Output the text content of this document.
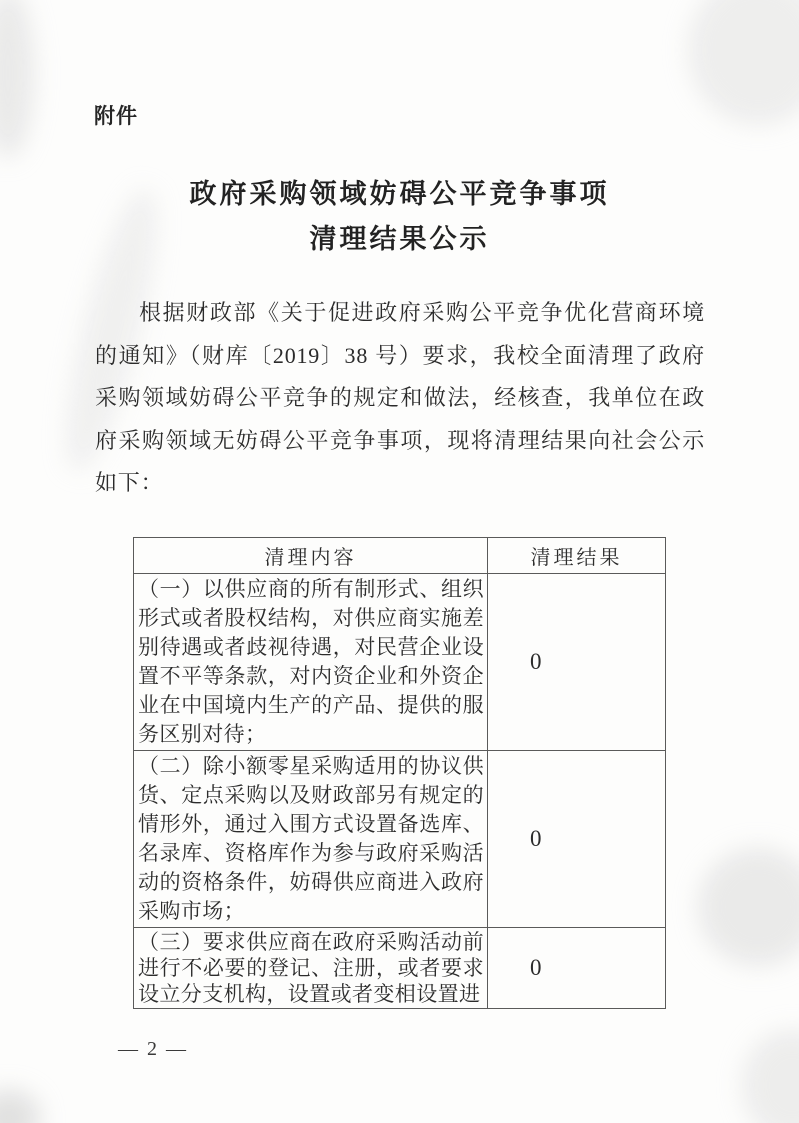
附件
政府采购领域妨碍公平竞争事项
清理结果公示

根据财政部《关于促进政府采购公平竞争优化营商环境的通知》（财库〔2019〕38 号）要求，我校全面清理了政府采购领域妨碍公平竞争的规定和做法，经核查，我单位在政府采购领域无妨碍公平竞争事项，现将清理结果向社会公示如下：

清理内容	清理结果
（一）以供应商的所有制形式、组织形式或者股权结构，对供应商实施差别待遇或者歧视待遇，对民营企业设置不平等条款，对内资企业和外资企业在中国境内生产的产品、提供的服务区别对待；	0
（二）除小额零星采购适用的协议供货、定点采购以及财政部另有规定的情形外，通过入围方式设置备选库、名录库、资格库作为参与政府采购活动的资格条件，妨碍供应商进入政府采购市场；	0
（三）要求供应商在政府采购活动前进行不必要的登记、注册，或者要求设立分支机构，设置或者变相设置进	0
— 2 —
